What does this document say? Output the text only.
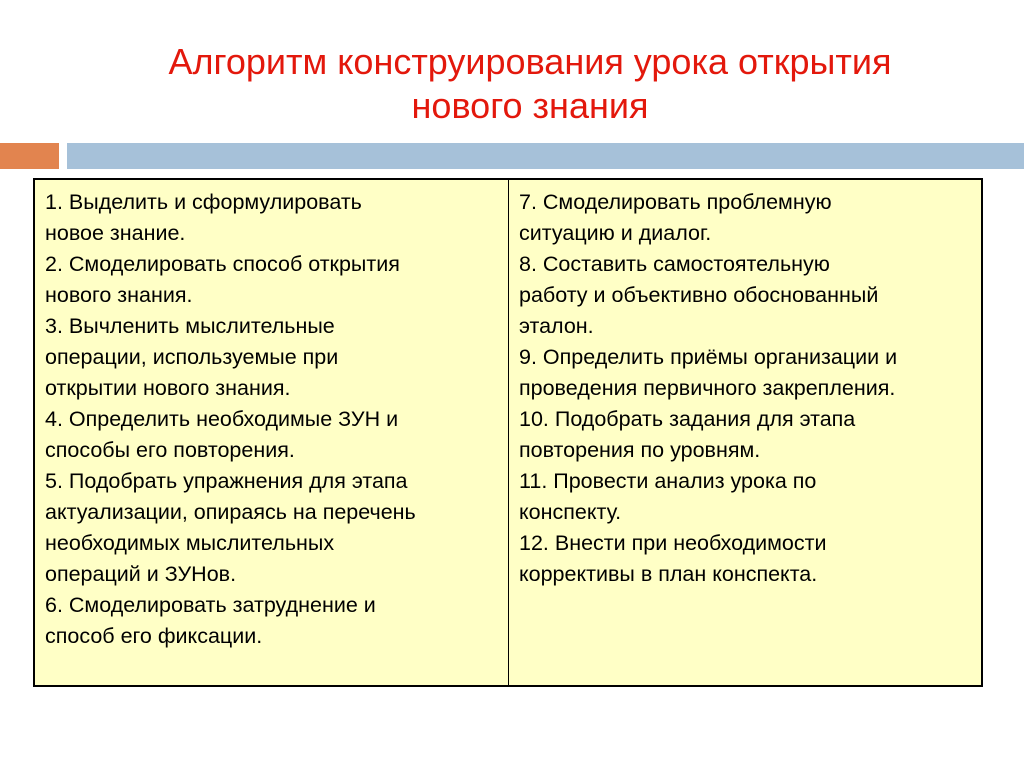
Алгоритм конструирования урока открытия
нового знания

1. Выделить и сформулировать
новое знание.

2. Смоделировать способ открытия
нового знания.

3. Вычленить мыслительные
операции, используемые при
открытии нового знания.

4. Определить необходимые ЗУН и
способы его повторения.

5. Подобрать упражнения для этапа
актуализации, опираясь на перечень
необходимых мыслительных
операций и ЗУНов.

6. Смоделировать затруднение и
способ его фиксации.

7. Смоделировать проблемную
ситуацию и диалог.

8. Составить самостоятельную
работу и объективно обоснованный
эталон.

9. Определить приёмы организации и
проведения первичного закрепления.

10. Подобрать задания для этапа
повторения по уровням.

11. Провести анализ урока по
конспекту.

12. Внести при необходимости
коррективы в план конспекта.
